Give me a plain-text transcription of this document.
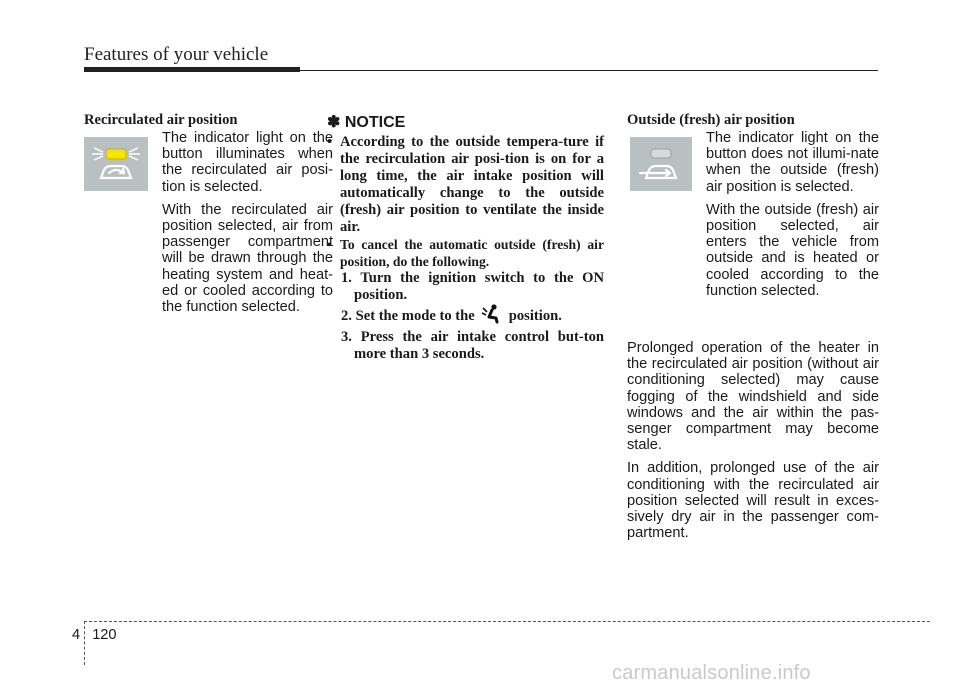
Features of your vehicle
Recirculated air position

The indicator light on the button illuminates when the recirculated air posi-tion is selected.

With the recirculated air position selected, air from passenger compartment will be drawn through the heating system and heat-ed or cooled according to the function selected.

✽ NOTICE

• According to the outside tempera-ture if the recirculation air posi-tion is on for a long time, the air intake position will automatically change to the outside (fresh) air position to ventilate the inside air.

• To cancel the automatic outside (fresh) air position, do the following.

1. Turn the ignition switch to the ON position.

2. Set the mode to the position.

3. Press the air intake control but-ton more than 3 seconds.

Outside (fresh) air position

The indicator light on the button does not illumi-nate when the outside (fresh) air position is selected.

With the outside (fresh) air position selected, air enters the vehicle from outside and is heated or cooled according to the function selected.

Prolonged operation of the heater in the recirculated air position (without air conditioning selected) may cause fogging of the windshield and side windows and the air within the pas-senger compartment may become stale.

In addition, prolonged use of the air conditioning with the recirculated air position selected will result in exces-sively dry air in the passenger com-partment.

4 120
carmanualsonline.info
